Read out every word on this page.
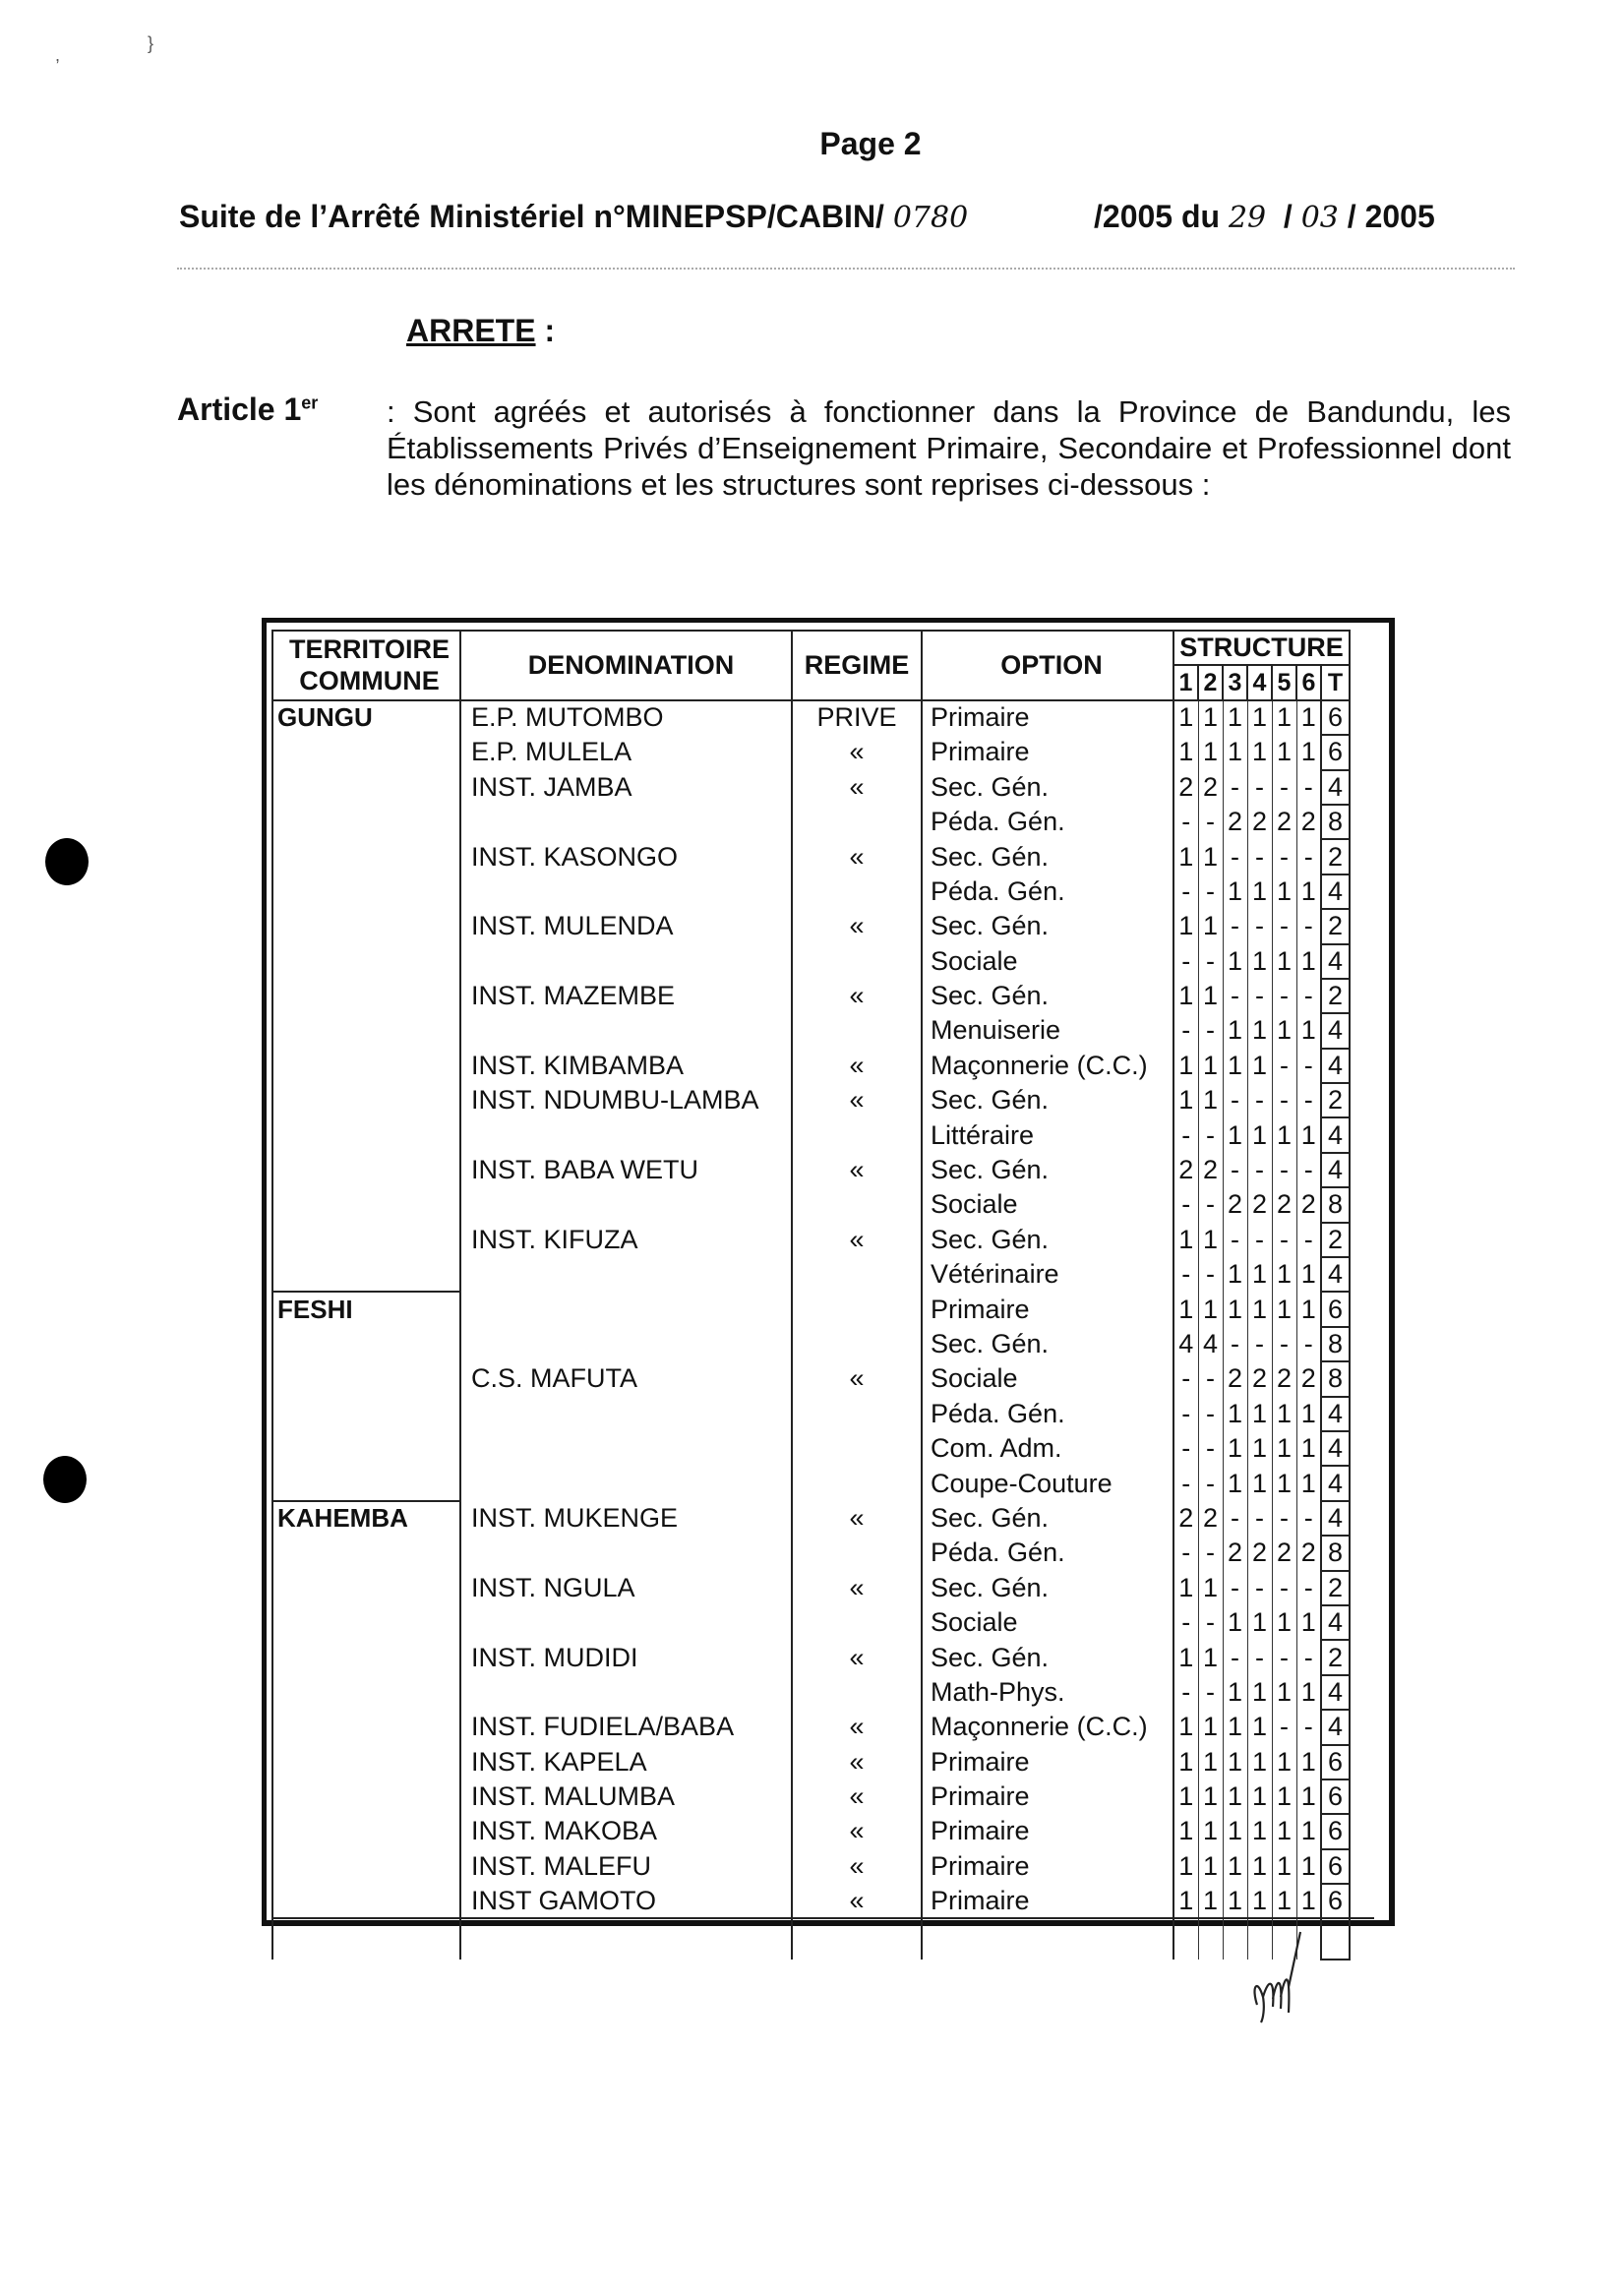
,
}
Page 2
Suite de l’Arrêté Ministériel n°MINEPSP/CABIN/ 0780	/2005 du 29 / 03 / 2005
ARRETE :
Article 1er : Sont agréés et autorisés à fonctionner dans la Province de Bandundu, les Établissements Privés d’Enseignement Primaire, Secondaire et Professionnel dont les dénominations et les structures sont reprises ci-dessous :
TERRITOIRE
COMMUNE	DENOMINATION	REGIME	OPTION	STRUCTURE							
				1	2	3	4	5	6	T	
GUNGU	E.P. MUTOMBO	PRIVE	Primaire	1	1	1	1	1	1	6	
	E.P. MULELA	«	Primaire	1	1	1	1	1	1	6	
	INST. JAMBA	«	Sec. Gén.	2	2	-	-	-	-	4	
			Péda. Gén.	-	-	2	2	2	2	8	
	INST. KASONGO	«	Sec. Gén.	1	1	-	-	-	-	2	
			Péda. Gén.	-	-	1	1	1	1	4	
	INST. MULENDA	«	Sec. Gén.	1	1	-	-	-	-	2	
			Sociale	-	-	1	1	1	1	4	
	INST. MAZEMBE	«	Sec. Gén.	1	1	-	-	-	-	2	
			Menuiserie	-	-	1	1	1	1	4	
	INST. KIMBAMBA	«	Maçonnerie (C.C.)	1	1	1	1	-	-	4	
	INST. NDUMBU-LAMBA	«	Sec. Gén.	1	1	-	-	-	-	2	
			Littéraire	-	-	1	1	1	1	4	
	INST. BABA WETU	«	Sec. Gén.	2	2	-	-	-	-	4	
			Sociale	-	-	2	2	2	2	8	
	INST. KIFUZA	«	Sec. Gén.	1	1	-	-	-	-	2	
			Vétérinaire	-	-	1	1	1	1	4	
FESHI			Primaire	1	1	1	1	1	1	6	
			Sec. Gén.	4	4	-	-	-	-	8	
	C.S. MAFUTA	«	Sociale	-	-	2	2	2	2	8	
			Péda. Gén.	-	-	1	1	1	1	4	
			Com. Adm.	-	-	1	1	1	1	4	
			Coupe-Couture	-	-	1	1	1	1	4	
KAHEMBA	INST. MUKENGE	«	Sec. Gén.	2	2	-	-	-	-	4	
			Péda. Gén.	-	-	2	2	2	2	8	
	INST. NGULA	«	Sec. Gén.	1	1	-	-	-	-	2	
			Sociale	-	-	1	1	1	1	4	
	INST. MUDIDI	«	Sec. Gén.	1	1	-	-	-	-	2	
			Math-Phys.	-	-	1	1	1	1	4	
	INST. FUDIELA/BABA	«	Maçonnerie (C.C.)	1	1	1	1	-	-	4	
	INST. KAPELA	«	Primaire	1	1	1	1	1	1	6	
	INST. MALUMBA	«	Primaire	1	1	1	1	1	1	6	
	INST. MAKOBA	«	Primaire	1	1	1	1	1	1	6	
	INST. MALEFU	«	Primaire	1	1	1	1	1	1	6	
	INST GAMOTO	«	Primaire	1	1	1	1	1	1	6	
